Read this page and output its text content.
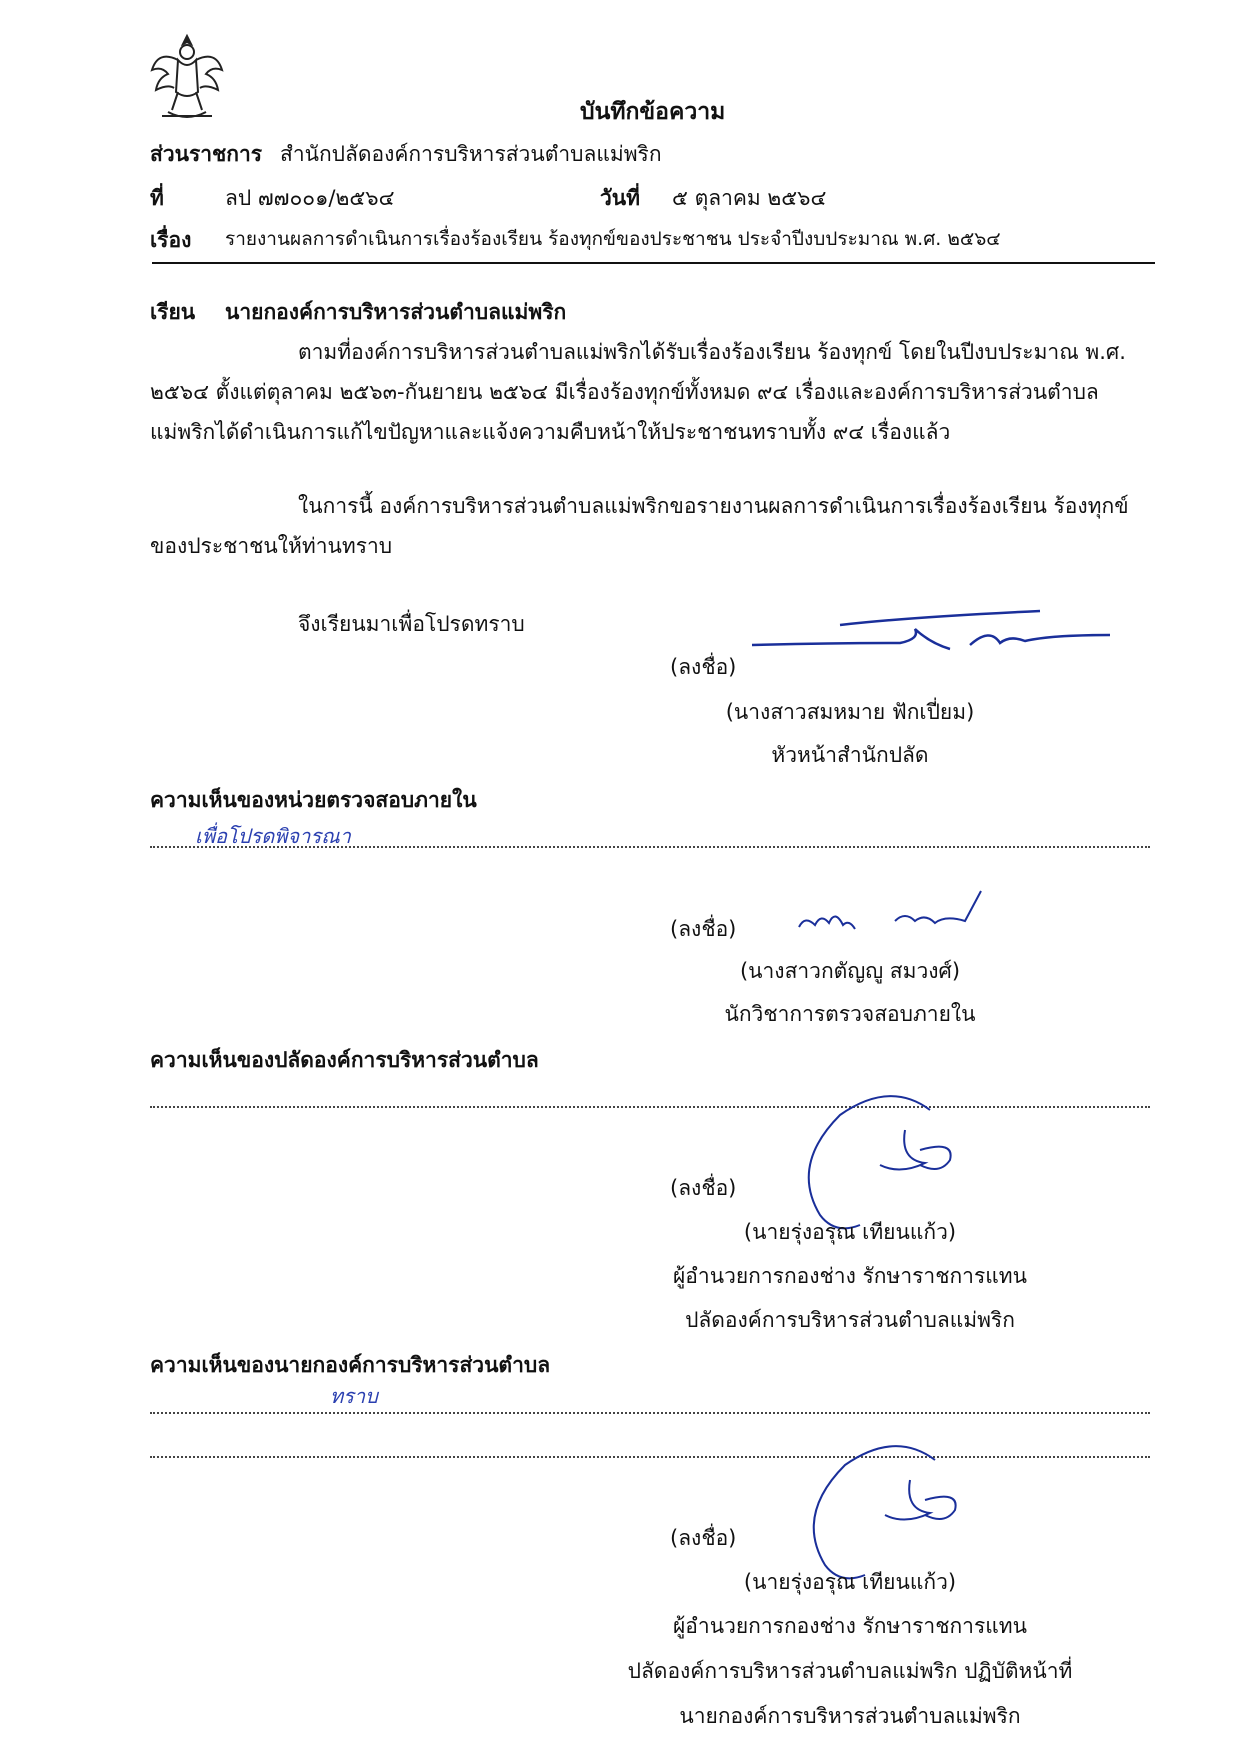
บันทึกข้อความ
ส่วนราชการ สำนักปลัดองค์การบริหารส่วนตำบลแม่พริก
ที่	ลป ๗๗๐๐๑/๒๕๖๔	วันที่ ๕ ตุลาคม ๒๕๖๔
เรื่อง รายงานผลการดำเนินการเรื่องร้องเรียน ร้องทุกข์ของประชาชน ประจำปีงบประมาณ พ.ศ. ๒๕๖๔
เรียน นายกองค์การบริหารส่วนตำบลแม่พริก
ตามที่องค์การบริหารส่วนตำบลแม่พริกได้รับเรื่องร้องเรียน ร้องทุกข์ โดยในปีงบประมาณ พ.ศ. ๒๕๖๔ ตั้งแต่ตุลาคม ๒๕๖๓-กันยายน ๒๕๖๔ มีเรื่องร้องทุกข์ทั้งหมด ๙๔ เรื่องและองค์การบริหารส่วนตำบลแม่พริกได้ดำเนินการแก้ไขปัญหาและแจ้งความคืบหน้าให้ประชาชนทราบทั้ง ๙๔ เรื่องแล้ว
ในการนี้ องค์การบริหารส่วนตำบลแม่พริกขอรายงานผลการดำเนินการเรื่องร้องเรียน ร้องทุกข์ของประชาชนให้ท่านทราบ
จึงเรียนมาเพื่อโปรดทราบ
(ลงชื่อ)
(นางสาวสมหมาย ฟักเปี่ยม)
หัวหน้าสำนักปลัด
ความเห็นของหน่วยตรวจสอบภายใน
เพื่อโปรดพิจารณา
(ลงชื่อ)
(นางสาวกตัญญู สมวงศ์)
นักวิชาการตรวจสอบภายใน
ความเห็นของปลัดองค์การบริหารส่วนตำบล
(ลงชื่อ)
(นายรุ่งอรุณ เทียนแก้ว)
ผู้อำนวยการกองช่าง รักษาราชการแทน
ปลัดองค์การบริหารส่วนตำบลแม่พริก
ความเห็นของนายกองค์การบริหารส่วนตำบล
ทราบ
(ลงชื่อ)
(นายรุ่งอรุณ เทียนแก้ว)
ผู้อำนวยการกองช่าง รักษาราชการแทน
ปลัดองค์การบริหารส่วนตำบลแม่พริก ปฏิบัติหน้าที่
นายกองค์การบริหารส่วนตำบลแม่พริก
